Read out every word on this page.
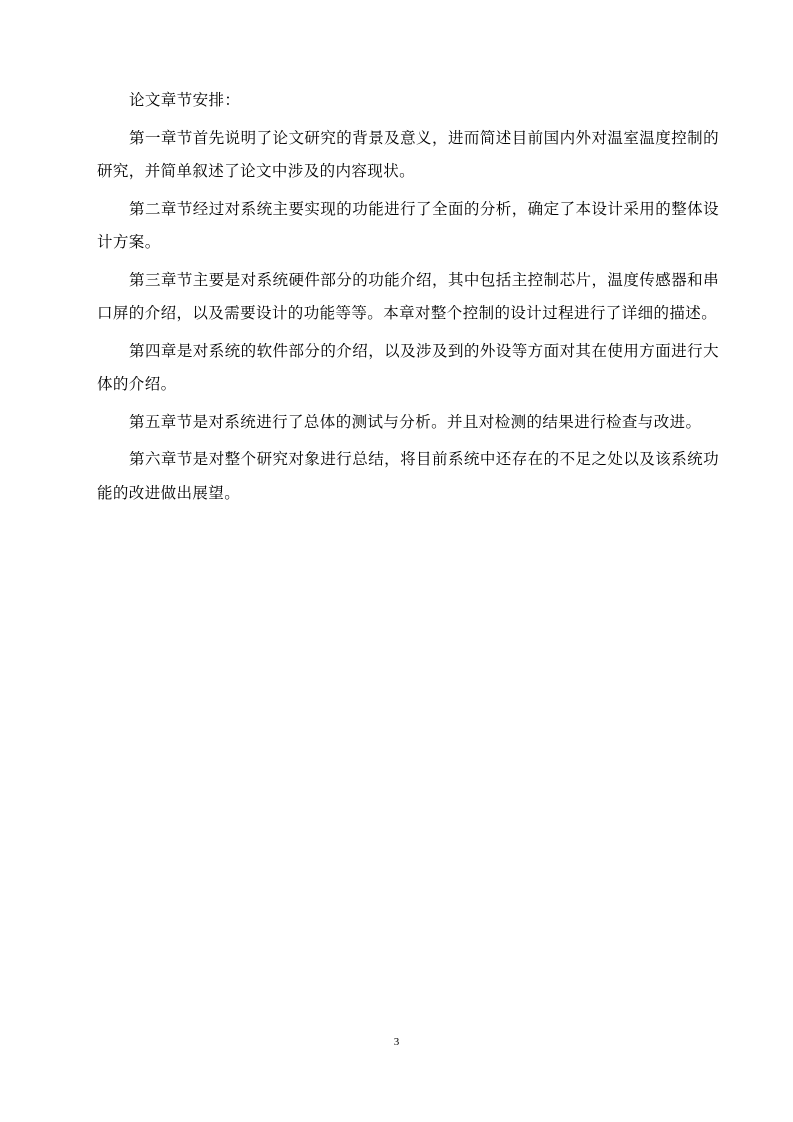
论文章节安排：

第一章节首先说明了论文研究的背景及意义，进而简述目前国内外对温室温度控制的研究，并简单叙述了论文中涉及的内容现状。

第二章节经过对系统主要实现的功能进行了全面的分析，确定了本设计采用的整体设计方案。

第三章节主要是对系统硬件部分的功能介绍，其中包括主控制芯片，温度传感器和串口屏的介绍，以及需要设计的功能等等。本章对整个控制的设计过程进行了详细的描述。

第四章是对系统的软件部分的介绍，以及涉及到的外设等方面对其在使用方面进行大体的介绍。

第五章节是对系统进行了总体的测试与分析。并且对检测的结果进行检查与改进。

第六章节是对整个研究对象进行总结，将目前系统中还存在的不足之处以及该系统功能的改进做出展望。

3
